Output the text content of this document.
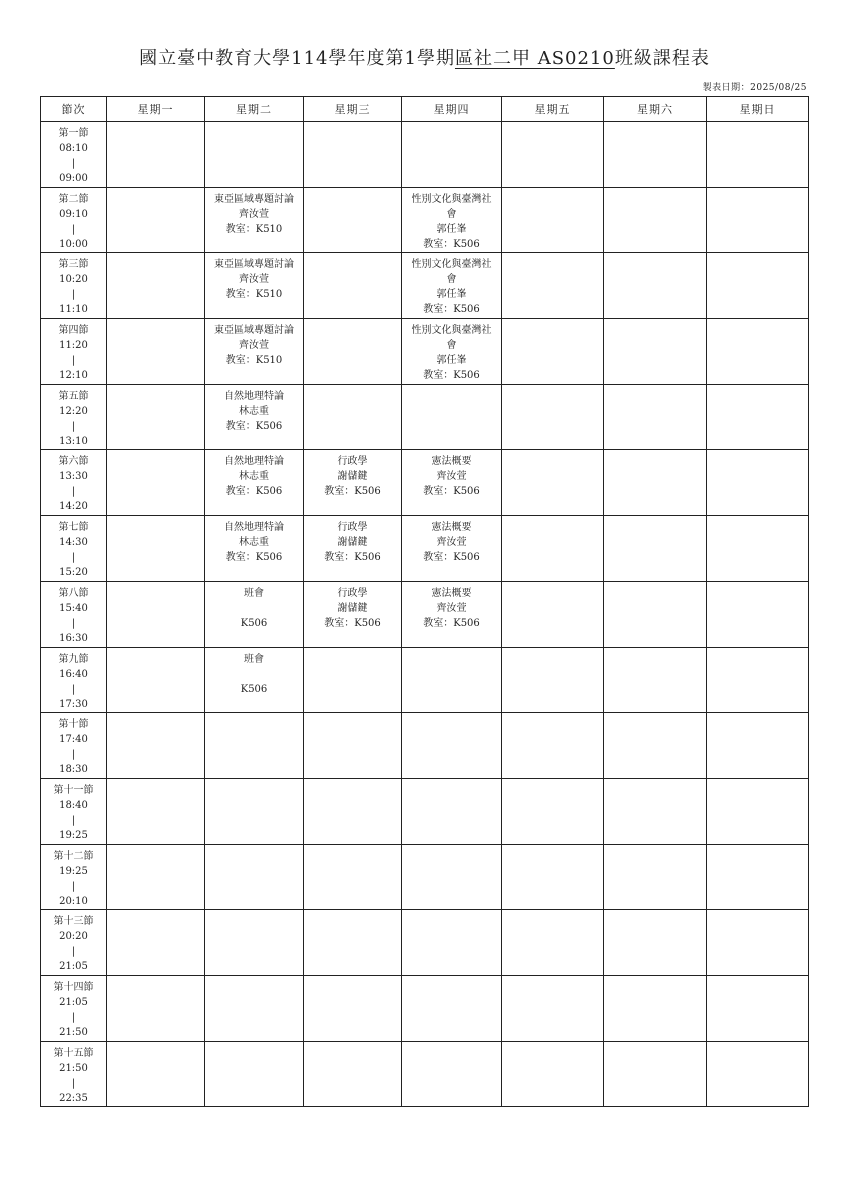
國立臺中教育大學114學年度第1學期區社二甲 AS0210班級課程表
製表日期：2025/08/25
節次	星期一	星期二	星期三	星期四	星期五	星期六	星期日

第一節
08:10
|
09:00							

第二節
09:10
|
10:00		東亞區域專題討論
齊汝萱
教室：K510		性別文化與臺灣社
會
郭任峯
教室：K506			

第三節
10:20
|
11:10		東亞區域專題討論
齊汝萱
教室：K510		性別文化與臺灣社
會
郭任峯
教室：K506			

第四節
11:20
|
12:10		東亞區域專題討論
齊汝萱
教室：K510		性別文化與臺灣社
會
郭任峯
教室：K506			

第五節
12:20
|
13:10		自然地理特論
林志重
教室：K506					

第六節
13:30
|
14:20		自然地理特論
林志重
教室：K506	行政學
謝儲鍵
教室：K506	憲法概要
齊汝萱
教室：K506			

第七節
14:30
|
15:20		自然地理特論
林志重
教室：K506	行政學
謝儲鍵
教室：K506	憲法概要
齊汝萱
教室：K506			

第八節
15:40
|
16:30		班會
K506	行政學
謝儲鍵
教室：K506	憲法概要
齊汝萱
教室：K506			

第九節
16:40
|
17:30		班會
K506					

第十節
17:40
|
18:30							

第十一節
18:40
|
19:25							

第十二節
19:25
|
20:10							

第十三節
20:20
|
21:05							

第十四節
21:05
|
21:50							

第十五節
21:50
|
22:35							
